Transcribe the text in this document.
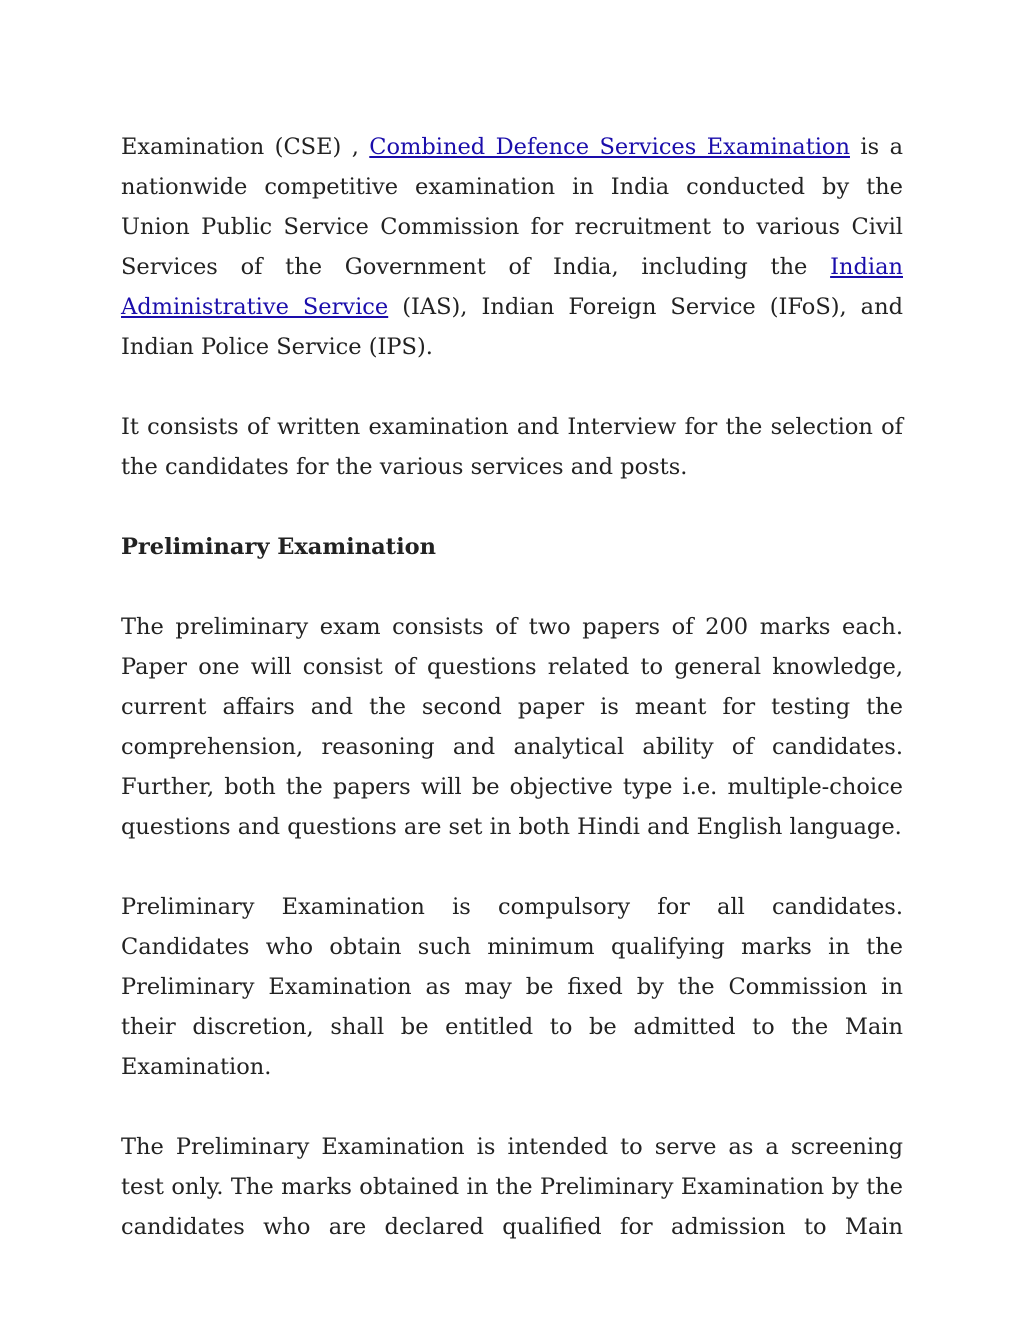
Examination (CSE) , Combined Defence Services Examination is a nationwide competitive examination in India conducted by the Union Public Service Commission for recruitment to various Civil Services of the Government of India, including the Indian Administrative Service (IAS), Indian Foreign Service (IFoS), and Indian Police Service (IPS).

It consists of written examination and Interview for the selection of the candidates for the various services and posts.

Preliminary Examination

The preliminary exam consists of two papers of 200 marks each. Paper one will consist of questions related to general knowledge, current affairs and the second paper is meant for testing the comprehension, reasoning and analytical ability of candidates. Further, both the papers will be objective type i.e. multiple-choice questions and questions are set in both Hindi and English language.

Preliminary Examination is compulsory for all candidates. Candidates who obtain such minimum qualifying marks in the Preliminary Examination as may be fixed by the Commission in their discretion, shall be entitled to be admitted to the Main Examination.

The Preliminary Examination is intended to serve as a screening test only. The marks obtained in the Preliminary Examination by the candidates who are declared qualified for admission to Main
